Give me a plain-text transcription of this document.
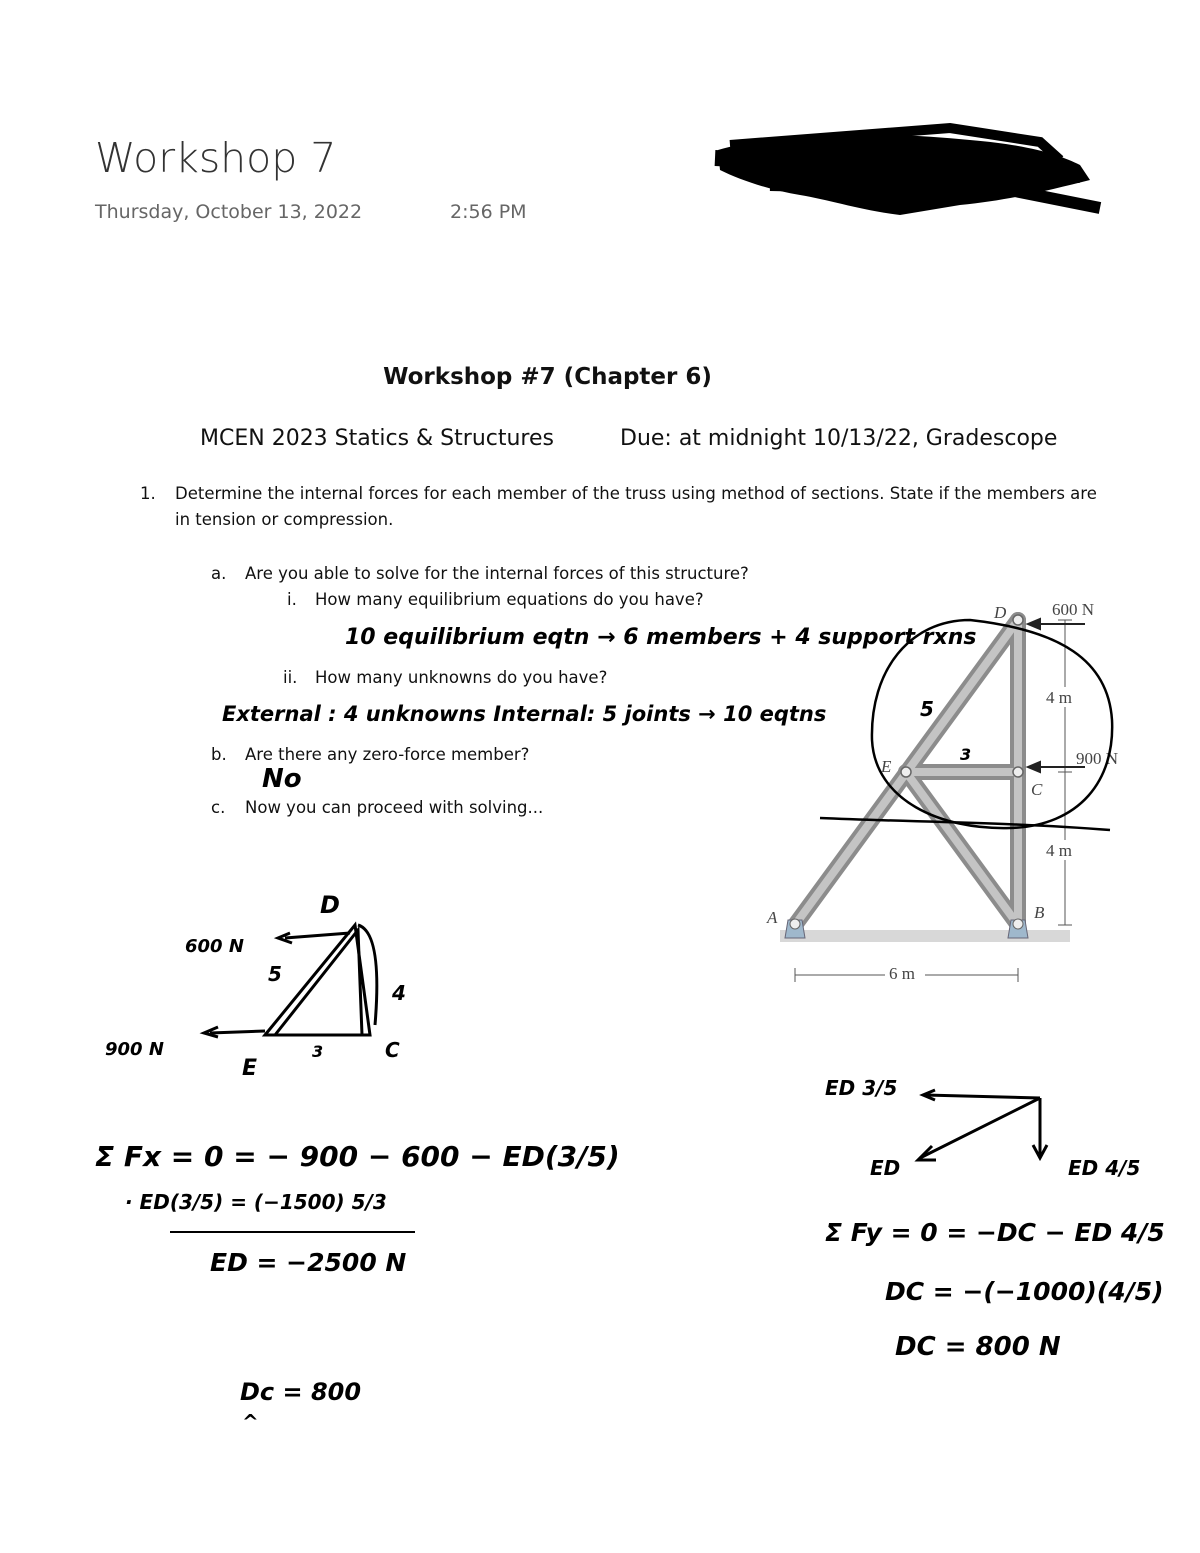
Workshop 7
Thursday, October 13, 2022	2:56 PM
Workshop #7 (Chapter 6)
MCEN 2023 Statics & Structures	Due: at midnight 10/13/22, Gradescope
1. Determine the internal forces for each member of the truss using method of sections. State if the members are
in tension or compression.
a. Are you able to solve for the internal forces of this structure?
i. How many equilibrium equations do you have?
ii. How many unknowns do you have?
b. Are there any zero-force member?
c. Now you can proceed with solving...
10 equilibrium eqtn → 6 members + 4 support rxns
External : 4 unknowns Internal: 5 joints → 10 eqtns
No
D
E
C
B
A
600 N
900 N
4 m
4 m
6 m
5
3
600 N
900 N
D
E
C
5
4
3
Σ Fx = 0 = − 900 − 600 − ED(3/5)
· ED(3/5) = (−1500) 5/3
ED = −2500 N
Dc = 800
^
ED 3/5
ED	ED 4/5
Σ Fy = 0 = −DC − ED 4/5
DC = −(−1000)(4/5)
DC = 800 N
